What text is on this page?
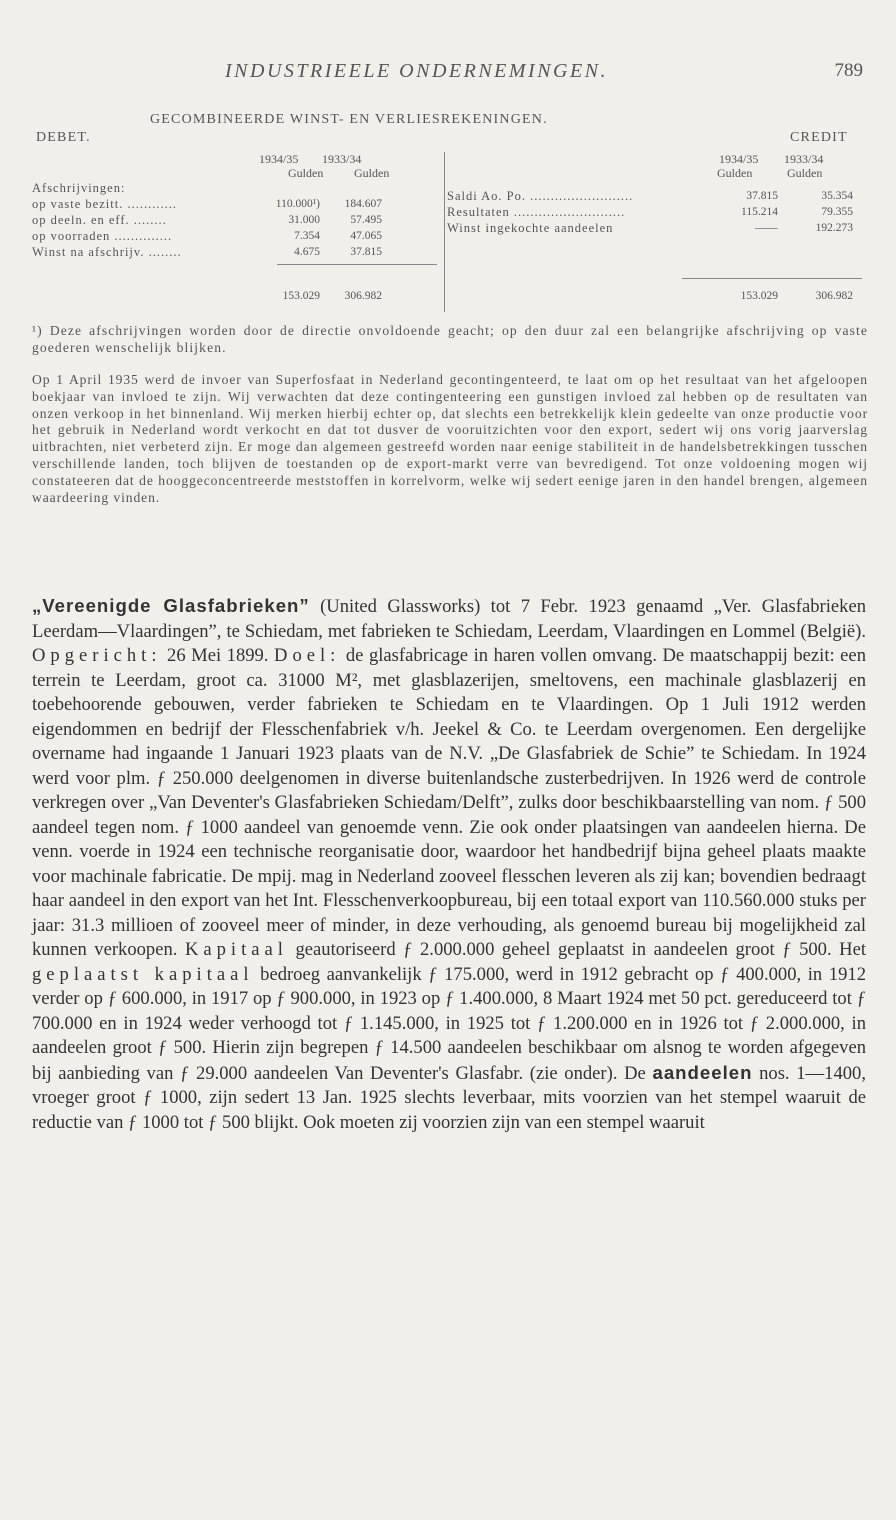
INDUSTRIEELE ONDERNEMINGEN.	789
GECOMBINEERDE WINST- EN VERLIESREKENINGEN.
DEBET.	CREDIT
1934/35 1933/34
Gulden	Gulden
Afschrijvingen:
op vaste bezitt. ............	110.000¹)	184.607
op deeln. en eff. ........	31.000	57.495
op voorraden ..............	7.354	47.065
Winst na afschrijv. ........	4.675	37.815
153.029	306.982
1934/35 1933/34
Gulden	Gulden
Saldi Ao. Po. .........................	37.815	35.354
Resultaten ...........................	115.214	79.355
Winst ingekochte aandeelen	——	192.273
153.029	306.982
¹) Deze afschrijvingen worden door de directie onvoldoende geacht; op den duur zal een belangrijke afschrijving op vaste goederen wenschelijk blijken.
Op 1 April 1935 werd de invoer van Superfosfaat in Nederland gecontingenteerd, te laat om op het resultaat van het afgeloopen boekjaar van invloed te zijn. Wij verwachten dat deze contingenteering een gunstigen invloed zal hebben op de resultaten van onzen verkoop in het binnenland. Wij merken hierbij echter op, dat slechts een betrekkelijk klein gedeelte van onze productie voor het gebruik in Nederland wordt verkocht en dat tot dusver de vooruitzichten voor den export, sedert wij ons vorig jaarverslag uitbrachten, niet verbeterd zijn. Er moge dan algemeen gestreefd worden naar eenige stabiliteit in de handelsbetrekkingen tusschen verschillende landen, toch blijven de toestanden op de export-markt verre van bevredigend. Tot onze voldoening mogen wij constateeren dat de hooggeconcentreerde meststoffen in korrelvorm, welke wij sedert eenige jaren in den handel brengen, algemeen waardeering vinden.
„Vereenigde Glasfabrieken” (United Glassworks) tot 7 Febr. 1923 genaamd „Ver. Glasfabrieken Leerdam—Vlaardingen”, te Schiedam, met fabrieken te Schiedam, Leerdam, Vlaardingen en Lommel (België). Opgericht: 26 Mei 1899. Doel: de glasfabricage in haren vollen omvang. De maatschappij bezit: een terrein te Leerdam, groot ca. 31000 M², met glasblazerijen, smeltovens, een machinale glasblazerij en toebehoorende gebouwen, verder fabrieken te Schiedam en te Vlaardingen. Op 1 Juli 1912 werden eigendommen en bedrijf der Flesschenfabriek v/h. Jeekel & Co. te Leerdam overgenomen. Een dergelijke overname had ingaande 1 Januari 1923 plaats van de N.V. „De Glasfabriek de Schie” te Schiedam. In 1924 werd voor plm. ƒ 250.000 deelgenomen in diverse buitenlandsche zusterbedrijven. In 1926 werd de controle verkregen over „Van Deventer's Glasfabrieken Schiedam/Delft”, zulks door beschikbaarstelling van nom. ƒ 500 aandeel tegen nom. ƒ 1000 aandeel van genoemde venn. Zie ook onder plaatsingen van aandeelen hierna. De venn. voerde in 1924 een technische reorganisatie door, waardoor het handbedrijf bijna geheel plaats maakte voor machinale fabricatie. De mpij. mag in Nederland zooveel flesschen leveren als zij kan; bovendien bedraagt haar aandeel in den export van het Int. Flesschenverkoopbureau, bij een totaal export van 110.560.000 stuks per jaar: 31.3 millioen of zooveel meer of minder, in deze verhouding, als genoemd bureau bij mogelijkheid zal kunnen verkoopen. Kapitaal geautoriseerd ƒ 2.000.000 geheel geplaatst in aandeelen groot ƒ 500. Het geplaatst kapitaal bedroeg aanvankelijk ƒ 175.000, werd in 1912 gebracht op ƒ 400.000, in 1912 verder op ƒ 600.000, in 1917 op ƒ 900.000, in 1923 op ƒ 1.400.000, 8 Maart 1924 met 50 pct. gereduceerd tot ƒ 700.000 en in 1924 weder verhoogd tot ƒ 1.145.000, in 1925 tot ƒ 1.200.000 en in 1926 tot ƒ 2.000.000, in aandeelen groot ƒ 500. Hierin zijn begrepen ƒ 14.500 aandeelen beschikbaar om alsnog te worden afgegeven bij aanbieding van ƒ 29.000 aandeelen Van Deventer's Glasfabr. (zie onder). De aandeelen nos. 1—1400, vroeger groot ƒ 1000, zijn sedert 13 Jan. 1925 slechts leverbaar, mits voorzien van het stempel waaruit de reductie van ƒ 1000 tot ƒ 500 blijkt. Ook moeten zij voorzien zijn van een stempel waaruit
